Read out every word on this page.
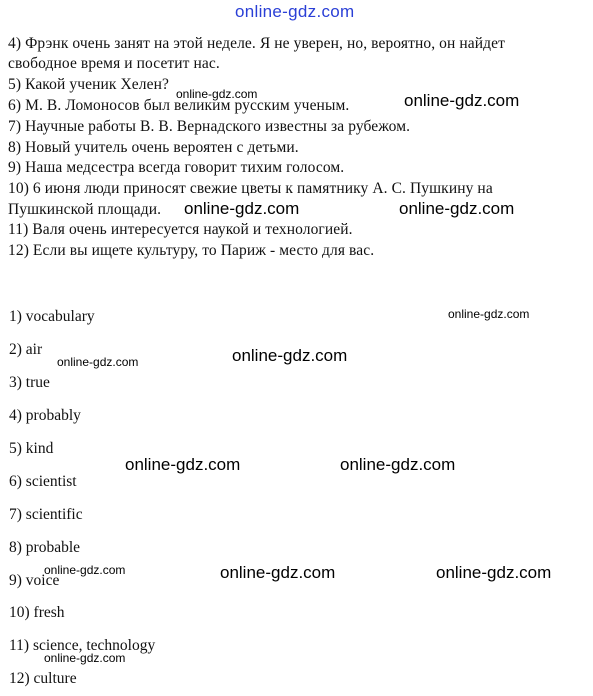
online-gdz.com
4) Фрэнк очень занят на этой неделе. Я не уверен, но, вероятно, он найдет
свободное время и посетит нас.
5) Какой ученик Хелен?
6) М. В. Ломоносов был великим русским ученым.
7) Научные работы В. В. Вернадского известны за рубежом.
8) Новый учитель очень вероятен с детьми.
9) Наша медсестра всегда говорит тихим голосом.
10) 6 июня люди приносят свежие цветы к памятнику А. С. Пушкину на
Пушкинской площади.
11) Валя очень интересуется наукой и технологией.
12) Если вы ищете культуру, то Париж - место для вас.
1) vocabulary
2) air
3) true
4) probably
5) kind
6) scientist
7) scientific
8) probable
9) voice
10) fresh
11) science, technology
12) culture
online-gdz.com	online-gdz.com
online-gdz.com	online-gdz.com
online-gdz.com
online-gdz.com
online-gdz.com
online-gdz.com	online-gdz.com
online-gdz.com	online-gdz.com	online-gdz.com
online-gdz.com
